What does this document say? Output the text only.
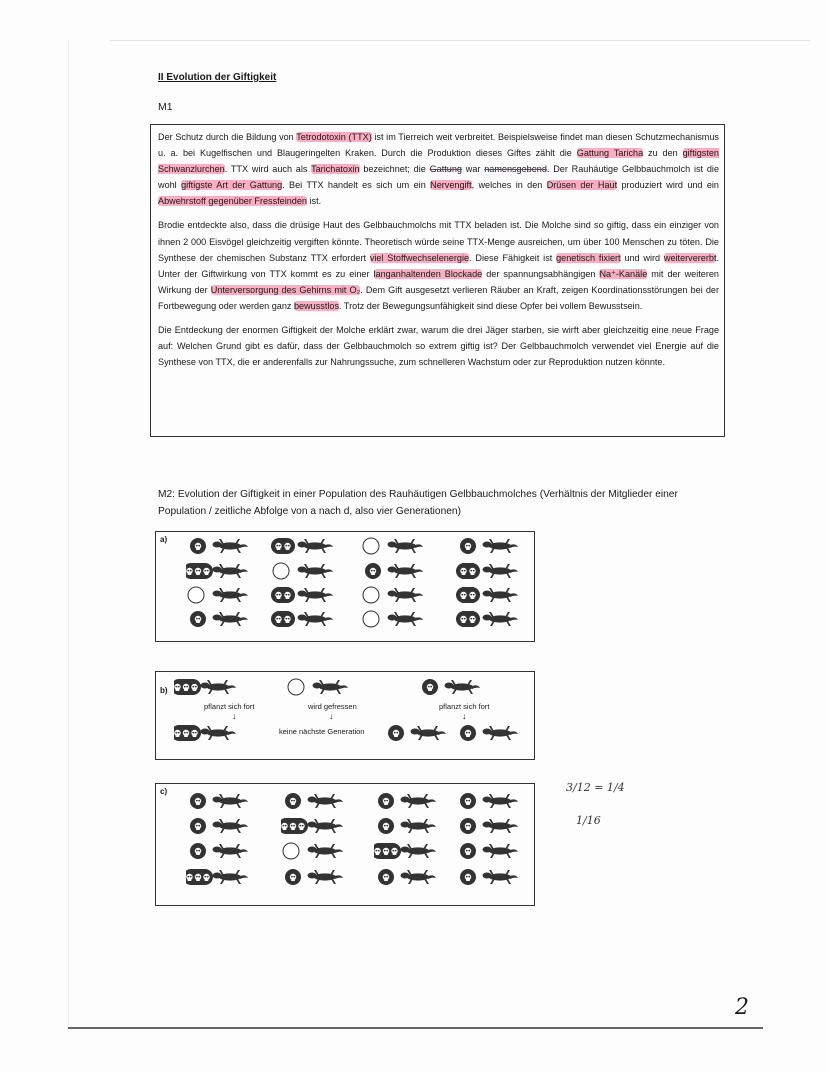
II Evolution der Giftigkeit
M1

Der Schutz durch die Bildung von Tetrodotoxin (TTX) ist im Tierreich weit verbreitet. Beispielsweise findet man diesen Schutzmechanismus u. a. bei Kugelfischen und Blaugeringelten Kraken. Durch die Produktion dieses Giftes zählt die Gattung Taricha zu den giftigsten Schwanzlurchen. TTX wird auch als Tarichatoxin bezeichnet; die Gattung war namensgebend. Der Rauhäutige Gelbbauchmolch ist die wohl giftigste Art der Gattung. Bei TTX handelt es sich um ein Nervengift, welches in den Drüsen der Haut produziert wird und ein Abwehrstoff gegenüber Fressfeinden ist.

Brodie entdeckte also, dass die drüsige Haut des Gelbbauchmolchs mit TTX beladen ist. Die Molche sind so giftig, dass ein einziger von ihnen 2 000 Eisvögel gleichzeitig vergiften könnte. Theoretisch würde seine TTX-Menge ausreichen, um über 100 Menschen zu töten. Die Synthese der chemischen Substanz TTX erfordert viel Stoffwechselenergie. Diese Fähigkeit ist genetisch fixiert und wird weitervererbt. Unter der Giftwirkung von TTX kommt es zu einer langanhaltenden Blockade der spannungsabhängigen Na⁺-Kanäle mit der weiteren Wirkung der Unterversorgung des Gehirns mit O₂. Dem Gift ausgesetzt verlieren Räuber an Kraft, zeigen Koordinationsstörungen bei der Fortbewegung oder werden ganz bewusstlos. Trotz der Bewegungsunfähigkeit sind diese Opfer bei vollem Bewusstsein.

Die Entdeckung der enormen Giftigkeit der Molche erklärt zwar, warum die drei Jäger starben, sie wirft aber gleichzeitig eine neue Frage auf: Welchen Grund gibt es dafür, dass der Gelbbauchmolch so extrem giftig ist? Der Gelbbauchmolch verwendet viel Energie auf die Synthese von TTX, die er anderenfalls zur Nahrungssuche, zum schnelleren Wachstum oder zur Reproduktion nutzen könnte.

M2: Evolution der Giftigkeit in einer Population des Rauhäutigen Gelbbauchmolches (Verhältnis der Mitglieder einer Population / zeitliche Abfolge von a nach d, also vier Generationen)
a)
b)
pflanzt sich fort	wird gefressen	pflanzt sich fort
↓	↓	↓
keine nächste Generation
c)	3/12 = 1/4
1/16
2
